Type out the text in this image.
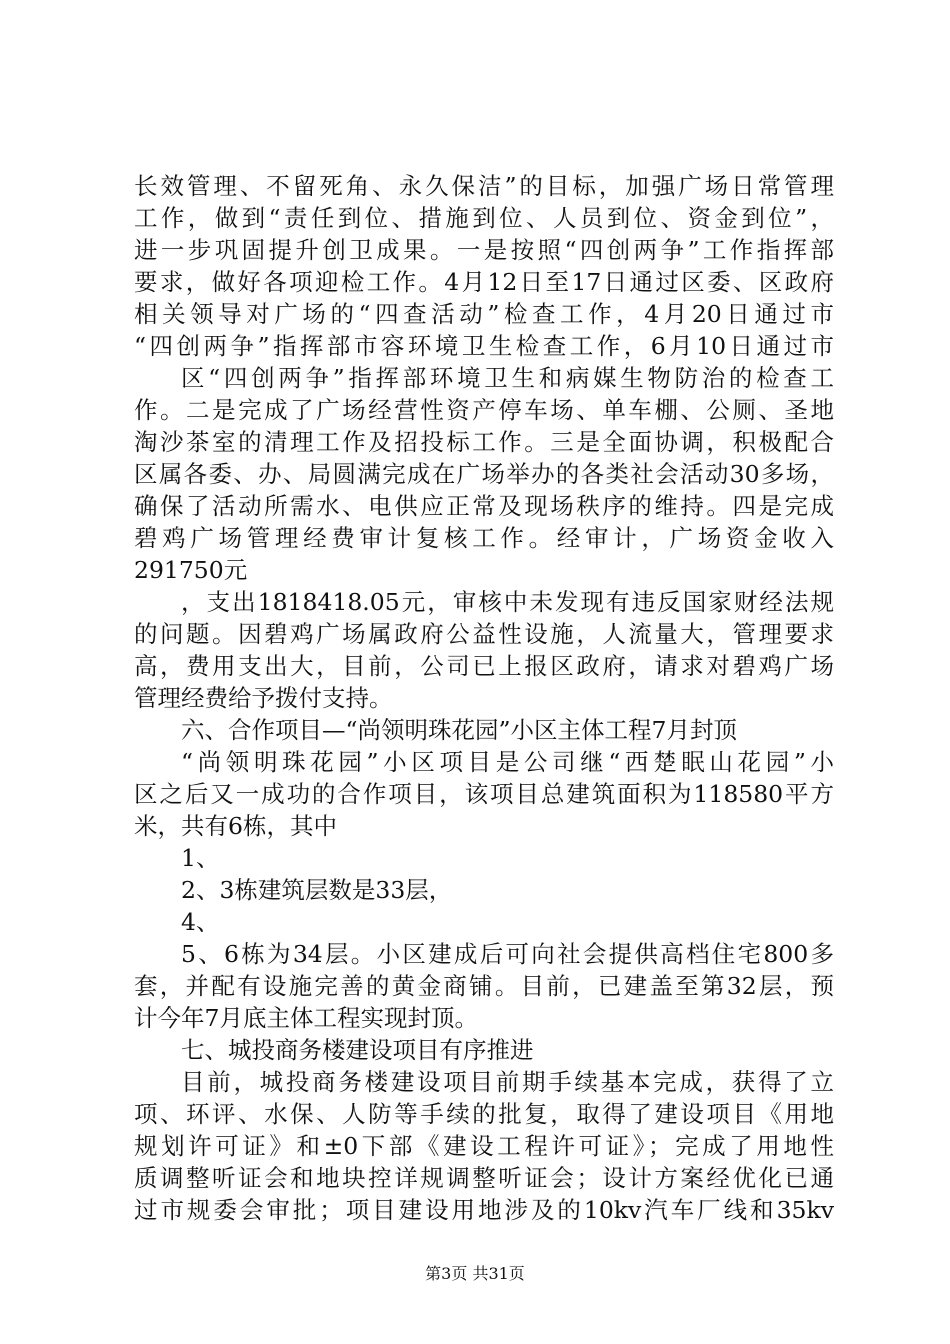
长效管理、不留死角、永久保洁”的目标，加强广场日常管理
工作，做到“责任到位、措施到位、人员到位、资金到位”，
进一步巩固提升创卫成果。一是按照“四创两争”工作指挥部
要求，做好各项迎检工作。4月12日至17日通过区委、区政府
相关领导对广场的“四查活动”检查工作，4月20日通过市
“四创两争”指挥部市容环境卫生检查工作，6月10日通过市
区“四创两争”指挥部环境卫生和病媒生物防治的检查工
作。二是完成了广场经营性资产停车场、单车棚、公厕、圣地
淘沙茶室的清理工作及招投标工作。三是全面协调，积极配合
区属各委、办、局圆满完成在广场举办的各类社会活动30多场，
确保了活动所需水、电供应正常及现场秩序的维持。四是完成
碧鸡广场管理经费审计复核工作。经审计，广场资金收入
291750元
，支出1818418.05元，审核中未发现有违反国家财经法规
的问题。因碧鸡广场属政府公益性设施，人流量大，管理要求
高，费用支出大，目前，公司已上报区政府，请求对碧鸡广场
管理经费给予拨付支持。
六、合作项目—“尚领明珠花园”小区主体工程7月封顶
“尚领明珠花园”小区项目是公司继“西楚眠山花园”小
区之后又一成功的合作项目，该项目总建筑面积为118580平方
米，共有6栋，其中
1、
2、3栋建筑层数是33层，
4、
5、6栋为34层。小区建成后可向社会提供高档住宅800多
套，并配有设施完善的黄金商铺。目前，已建盖至第32层，预
计今年7月底主体工程实现封顶。
七、城投商务楼建设项目有序推进
目前，城投商务楼建设项目前期手续基本完成，获得了立
项、环评、水保、人防等手续的批复，取得了建设项目《用地
规划许可证》和±0下部《建设工程许可证》；完成了用地性
质调整听证会和地块控详规调整听证会；设计方案经优化已通
过市规委会审批；项目建设用地涉及的10kv汽车厂线和35kv
第3页 共31页
